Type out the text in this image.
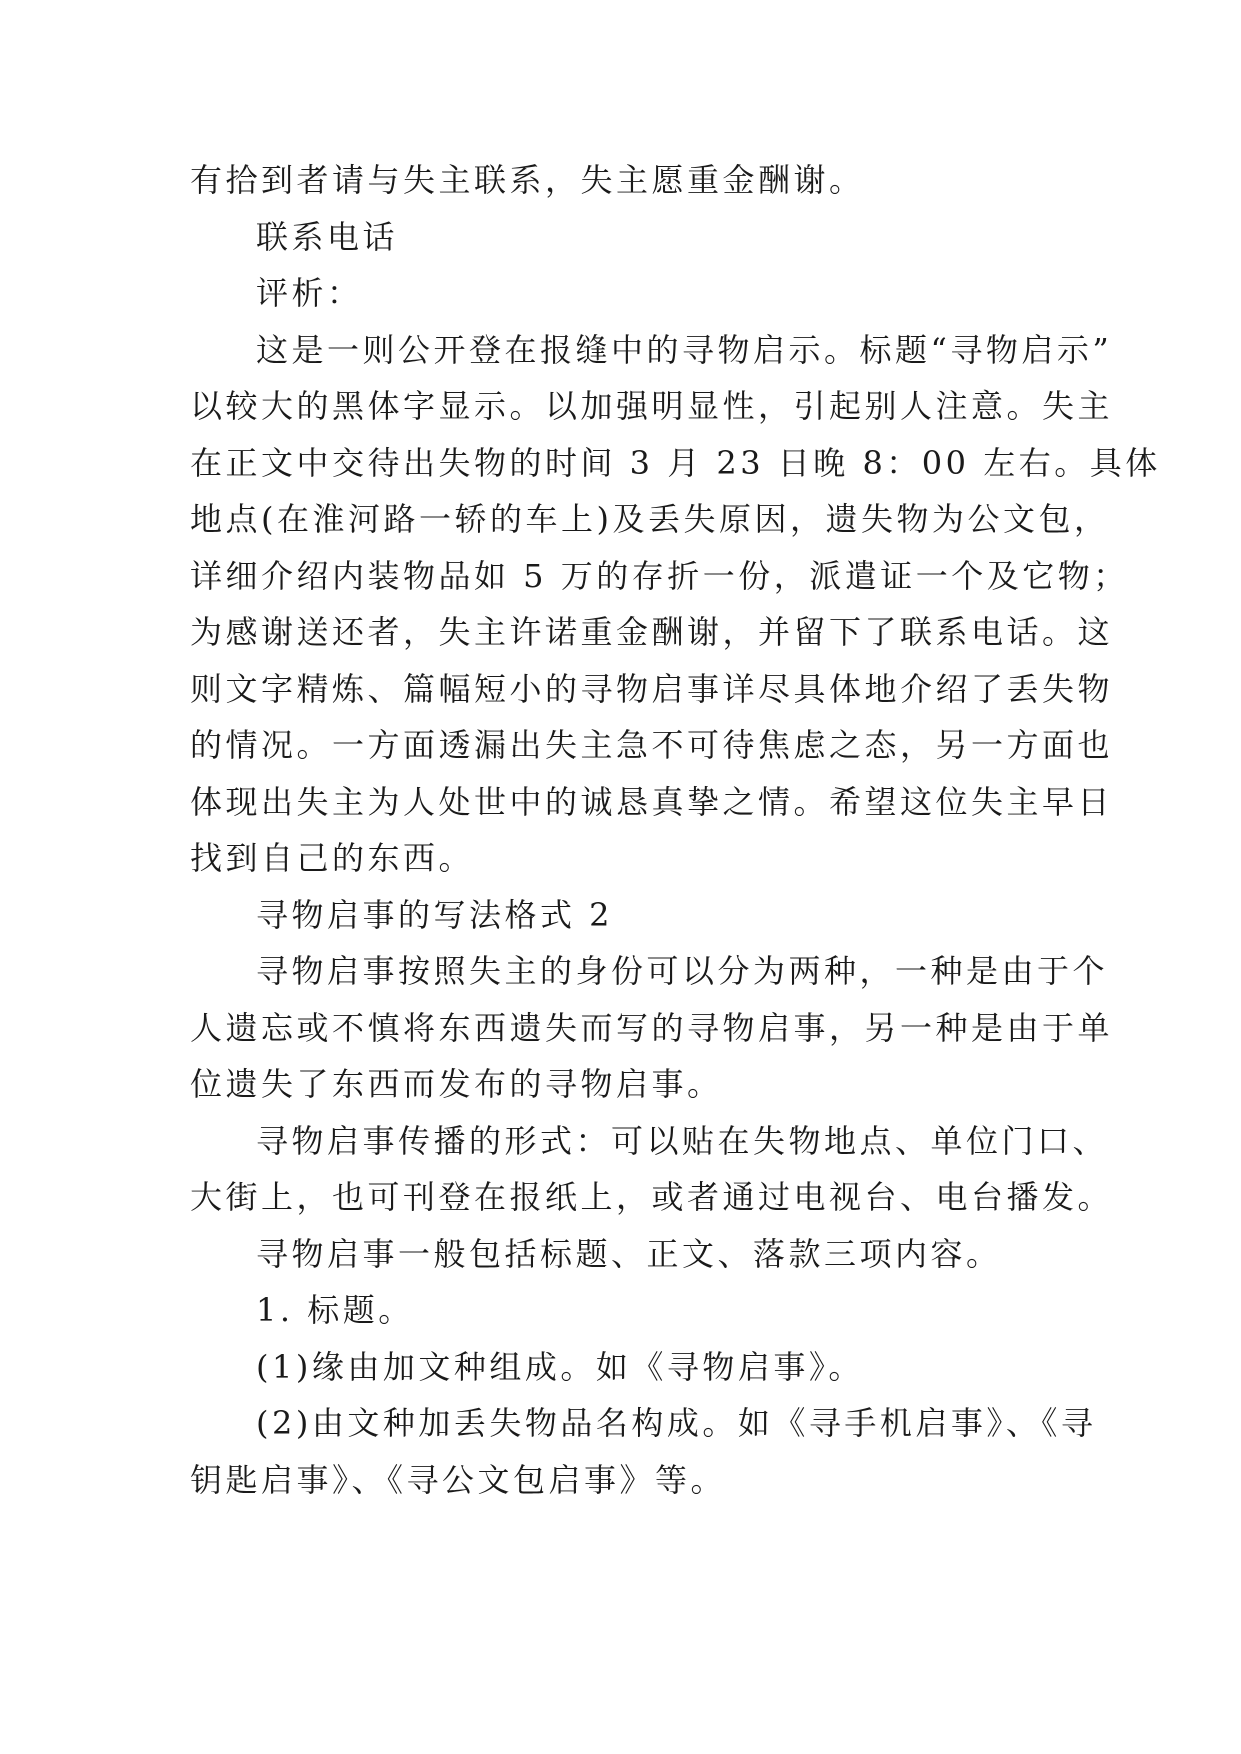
有拾到者请与失主联系，失主愿重金酬谢。
联系电话
评析：
这是一则公开登在报缝中的寻物启示。标题“寻物启示”
以较大的黑体字显示。以加强明显性，引起别人注意。失主
在正文中交待出失物的时间 3 月 23 日晚 8：00 左右。具体
地点(在淮河路一轿的车上)及丢失原因，遗失物为公文包，
详细介绍内装物品如 5 万的存折一份，派遣证一个及它物；
为感谢送还者，失主许诺重金酬谢，并留下了联系电话。这
则文字精炼、篇幅短小的寻物启事详尽具体地介绍了丢失物
的情况。一方面透漏出失主急不可待焦虑之态，另一方面也
体现出失主为人处世中的诚恳真挚之情。希望这位失主早日
找到自己的东西。
寻物启事的写法格式 2
寻物启事按照失主的身份可以分为两种，一种是由于个
人遗忘或不慎将东西遗失而写的寻物启事，另一种是由于单
位遗失了东西而发布的寻物启事。
寻物启事传播的形式：可以贴在失物地点、单位门口、
大街上，也可刊登在报纸上，或者通过电视台、电台播发。
寻物启事一般包括标题、正文、落款三项内容。
1. 标题。
(1)缘由加文种组成。如《寻物启事》。
(2)由文种加丢失物品名构成。如《寻手机启事》、《寻
钥匙启事》、《寻公文包启事》等。
